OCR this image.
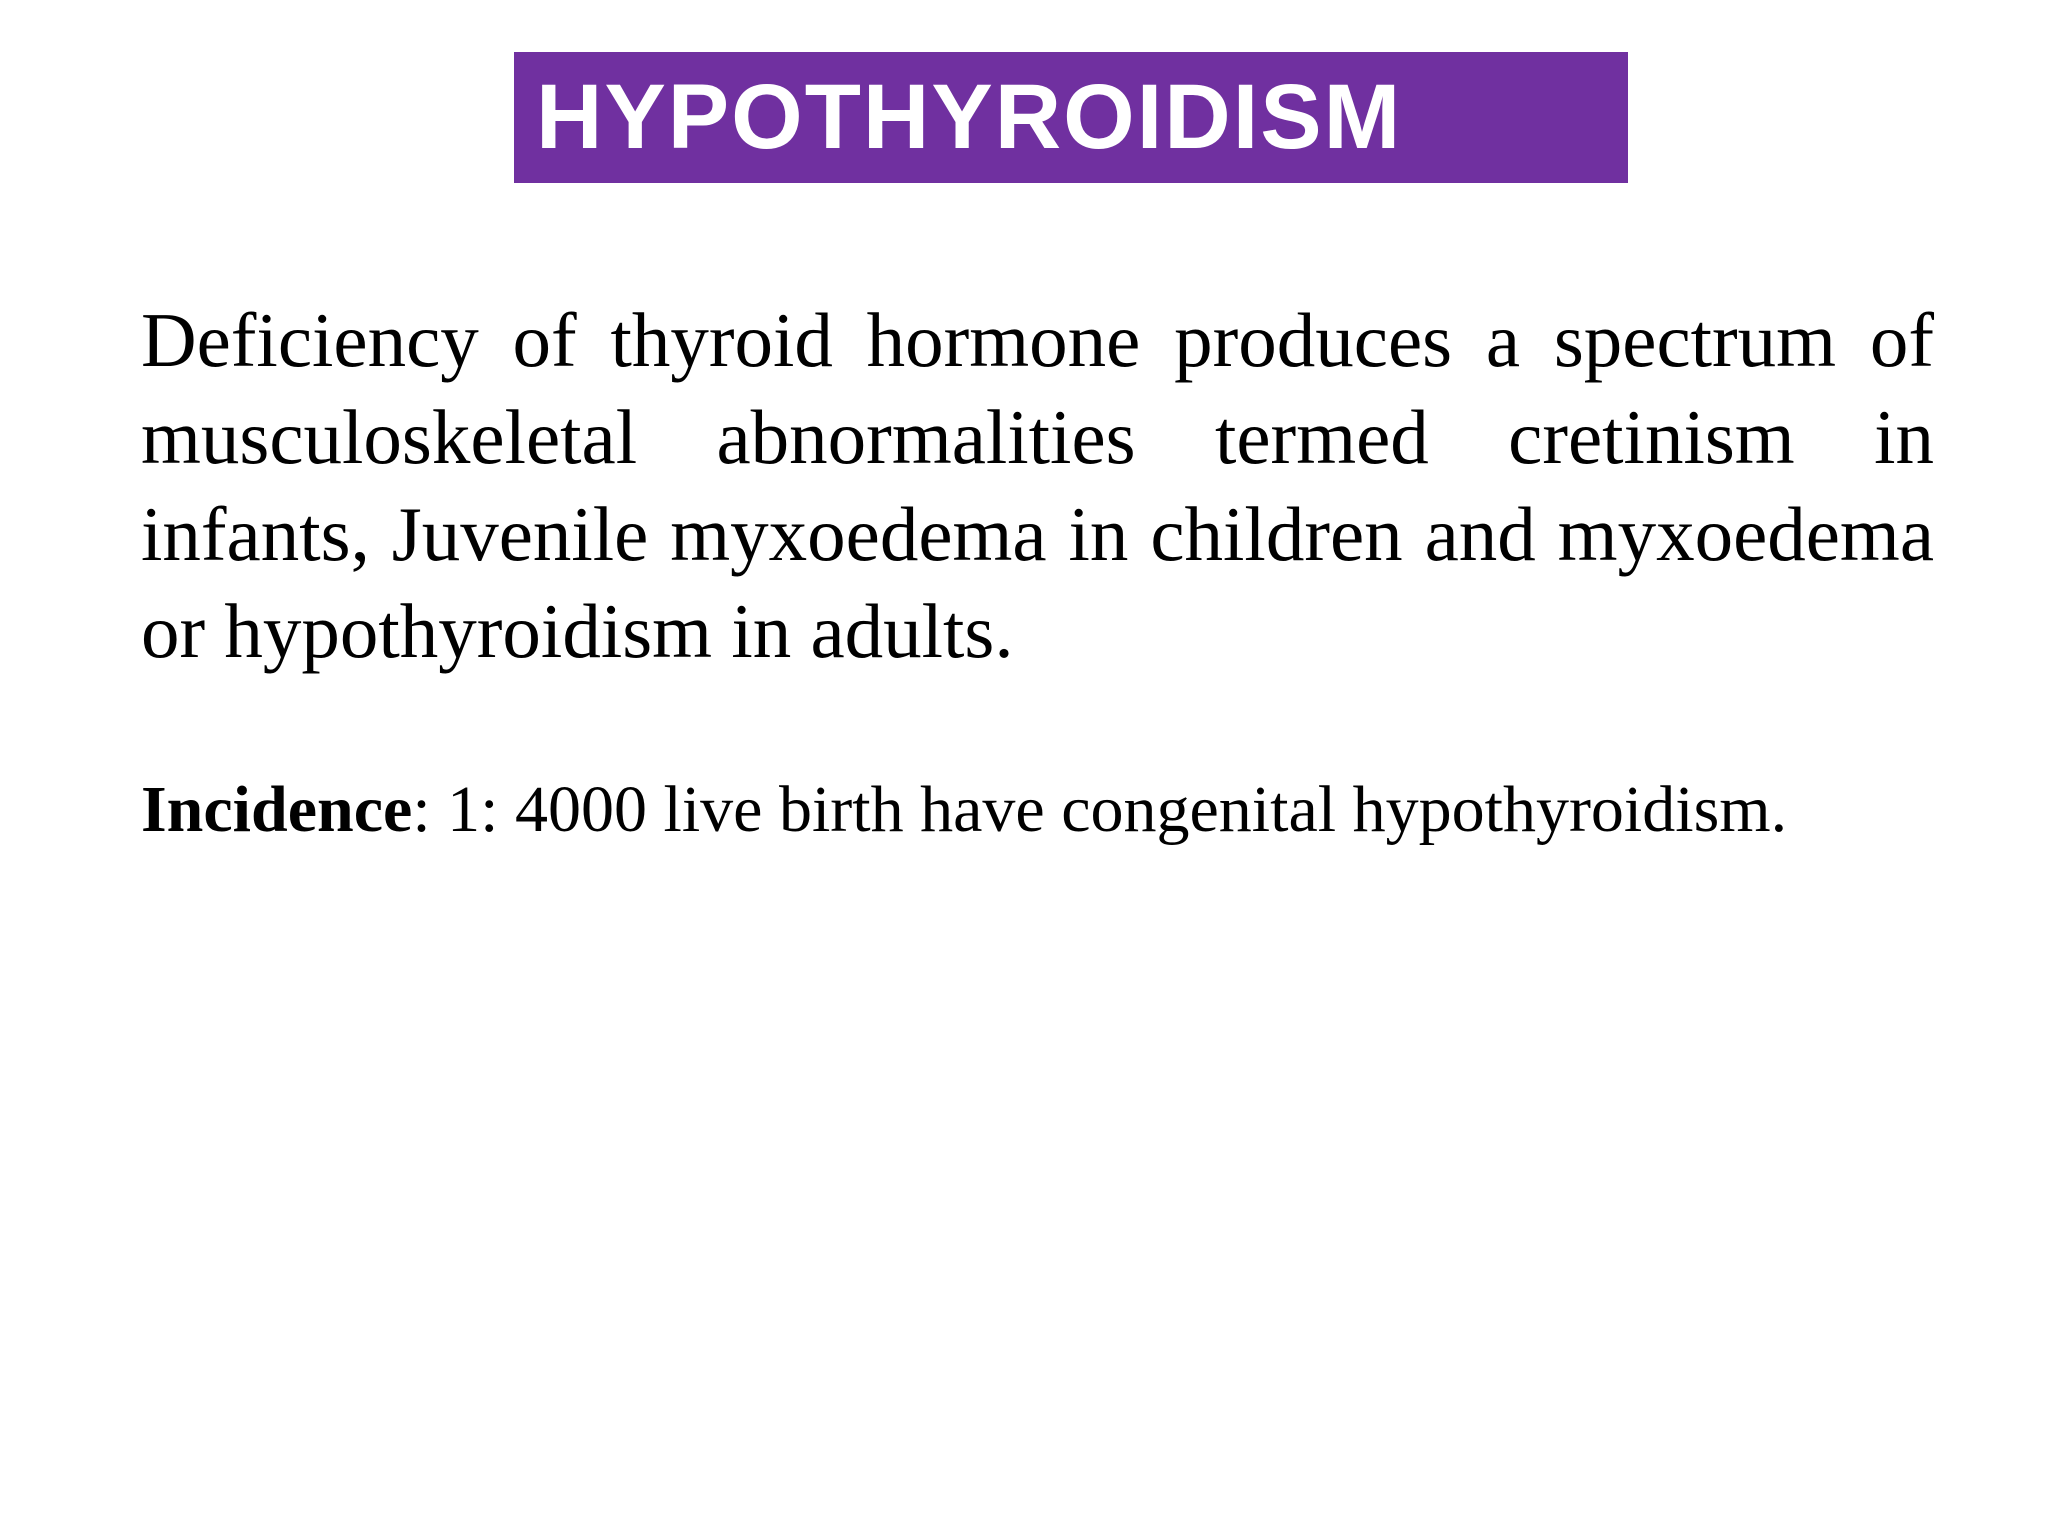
HYPOTHYROIDISM

Deficiency of thyroid hormone produces a spectrum of musculoskeletal abnormalities termed cretinism in infants, Juvenile myxoedema in children and myxoedema or hypothyroidism in adults.

Incidence: 1: 4000 live birth have congenital hypothyroidism.
